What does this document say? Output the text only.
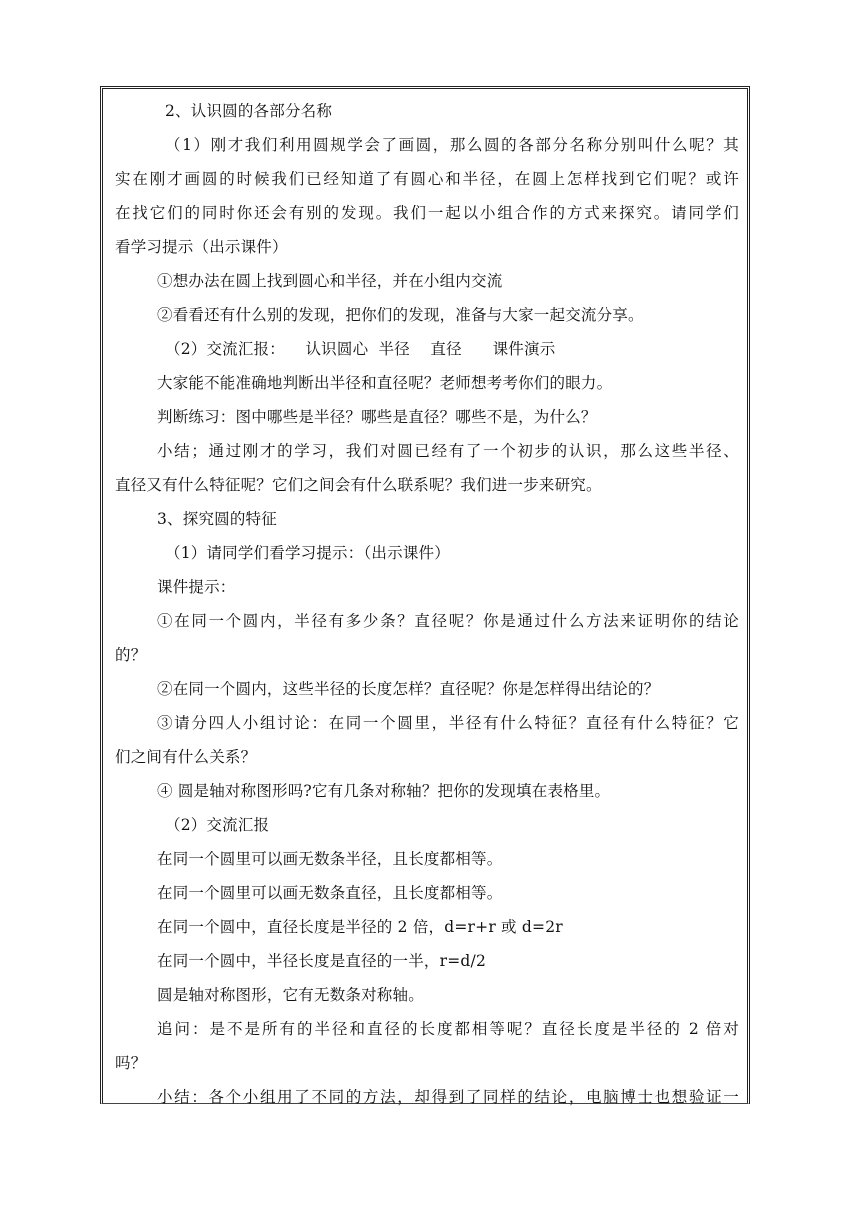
2、认识圆的各部分名称
（1）刚才我们利用圆规学会了画圆，那么圆的各部分名称分别叫什么呢？其
实在刚才画圆的时候我们已经知道了有圆心和半径，在圆上怎样找到它们呢？或许
在找它们的同时你还会有别的发现。我们一起以小组合作的方式来探究。请同学们
看学习提示（出示课件）
①想办法在圆上找到圆心和半径，并在小组内交流
②看看还有什么别的发现，把你们的发现，准备与大家一起交流分享。
（2）交流汇报：    认识圆心  半径    直径      课件演示
大家能不能准确地判断出半径和直径呢？老师想考考你们的眼力。
判断练习：图中哪些是半径？哪些是直径？哪些不是，为什么？
小结；通过刚才的学习，我们对圆已经有了一个初步的认识，那么这些半径、
直径又有什么特征呢？它们之间会有什么联系呢？我们进一步来研究。
3、探究圆的特征
（1）请同学们看学习提示：（出示课件）
课件提示：
①在同一个圆内，半径有多少条？直径呢？你是通过什么方法来证明你的结论
的？
②在同一个圆内，这些半径的长度怎样？直径呢？你是怎样得出结论的？
③请分四人小组讨论：在同一个圆里，半径有什么特征？直径有什么特征？它
们之间有什么关系？
④ 圆是轴对称图形吗?它有几条对称轴？把你的发现填在表格里。
（2）交流汇报
在同一个圆里可以画无数条半径，且长度都相等。
在同一个圆里可以画无数条直径，且长度都相等。
在同一个圆中，直径长度是半径的 2 倍，d=r+r 或 d=2r
在同一个圆中，半径长度是直径的一半，r=d/2
圆是轴对称图形，它有无数条对称轴。
追问：是不是所有的半径和直径的长度都相等呢？直径长度是半径的 2 倍对
吗？
小结：各个小组用了不同的方法，却得到了同样的结论，电脑博士也想验证一
